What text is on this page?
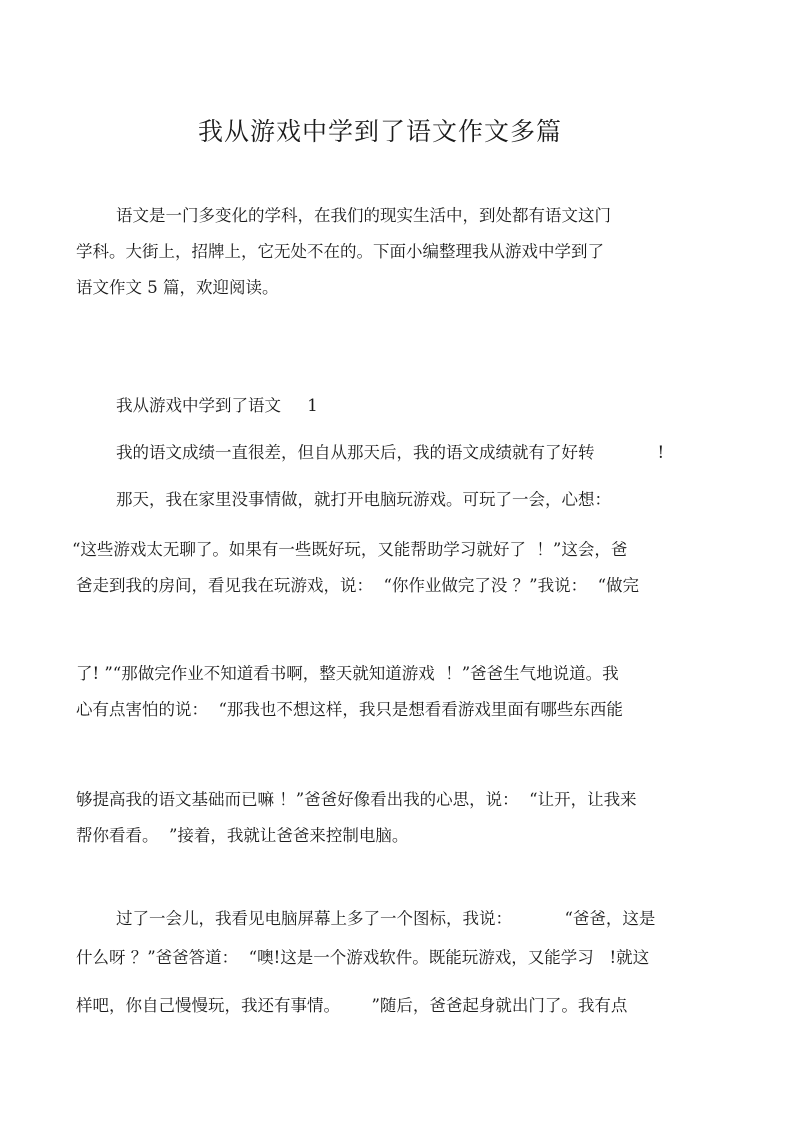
我从游戏中学到了语文作文多篇
语文是一门多变化的学科，在我们的现实生活中，到处都有语文这门
学科。大街上，招牌上，它无处不在的。下面小编整理我从游戏中学到了
语文作文 5 篇，欢迎阅读。
我从游戏中学到了语文     1
我的语文成绩一直很差，但自从那天后，我的语文成绩就有了好转            !
那天，我在家里没事情做，就打开电脑玩游戏。可玩了一会，心想：
“这些游戏太无聊了。如果有一些既好玩，又能帮助学习就好了  ！”这会，爸
爸走到我的房间，看见我在玩游戏，说：  “你作业做完了没 ？”我说：  “做完
了! ”“那做完作业不知道看书啊，整天就知道游戏  ！”爸爸生气地说道。我
心有点害怕的说：  “那我也不想这样，我只是想看看游戏里面有哪些东西能
够提高我的语文基础而已嘛 ！”爸爸好像看出我的心思，说：  “让开，让我来
帮你看看。  ”接着，我就让爸爸来控制电脑。
过了一会儿，我看见电脑屏幕上多了一个图标，我说：          “爸爸，这是
什么呀 ？”爸爸答道：  “噢!这是一个游戏软件。既能玩游戏，又能学习   !就这
样吧，你自己慢慢玩，我还有事情。      ”随后，爸爸起身就出门了。我有点
